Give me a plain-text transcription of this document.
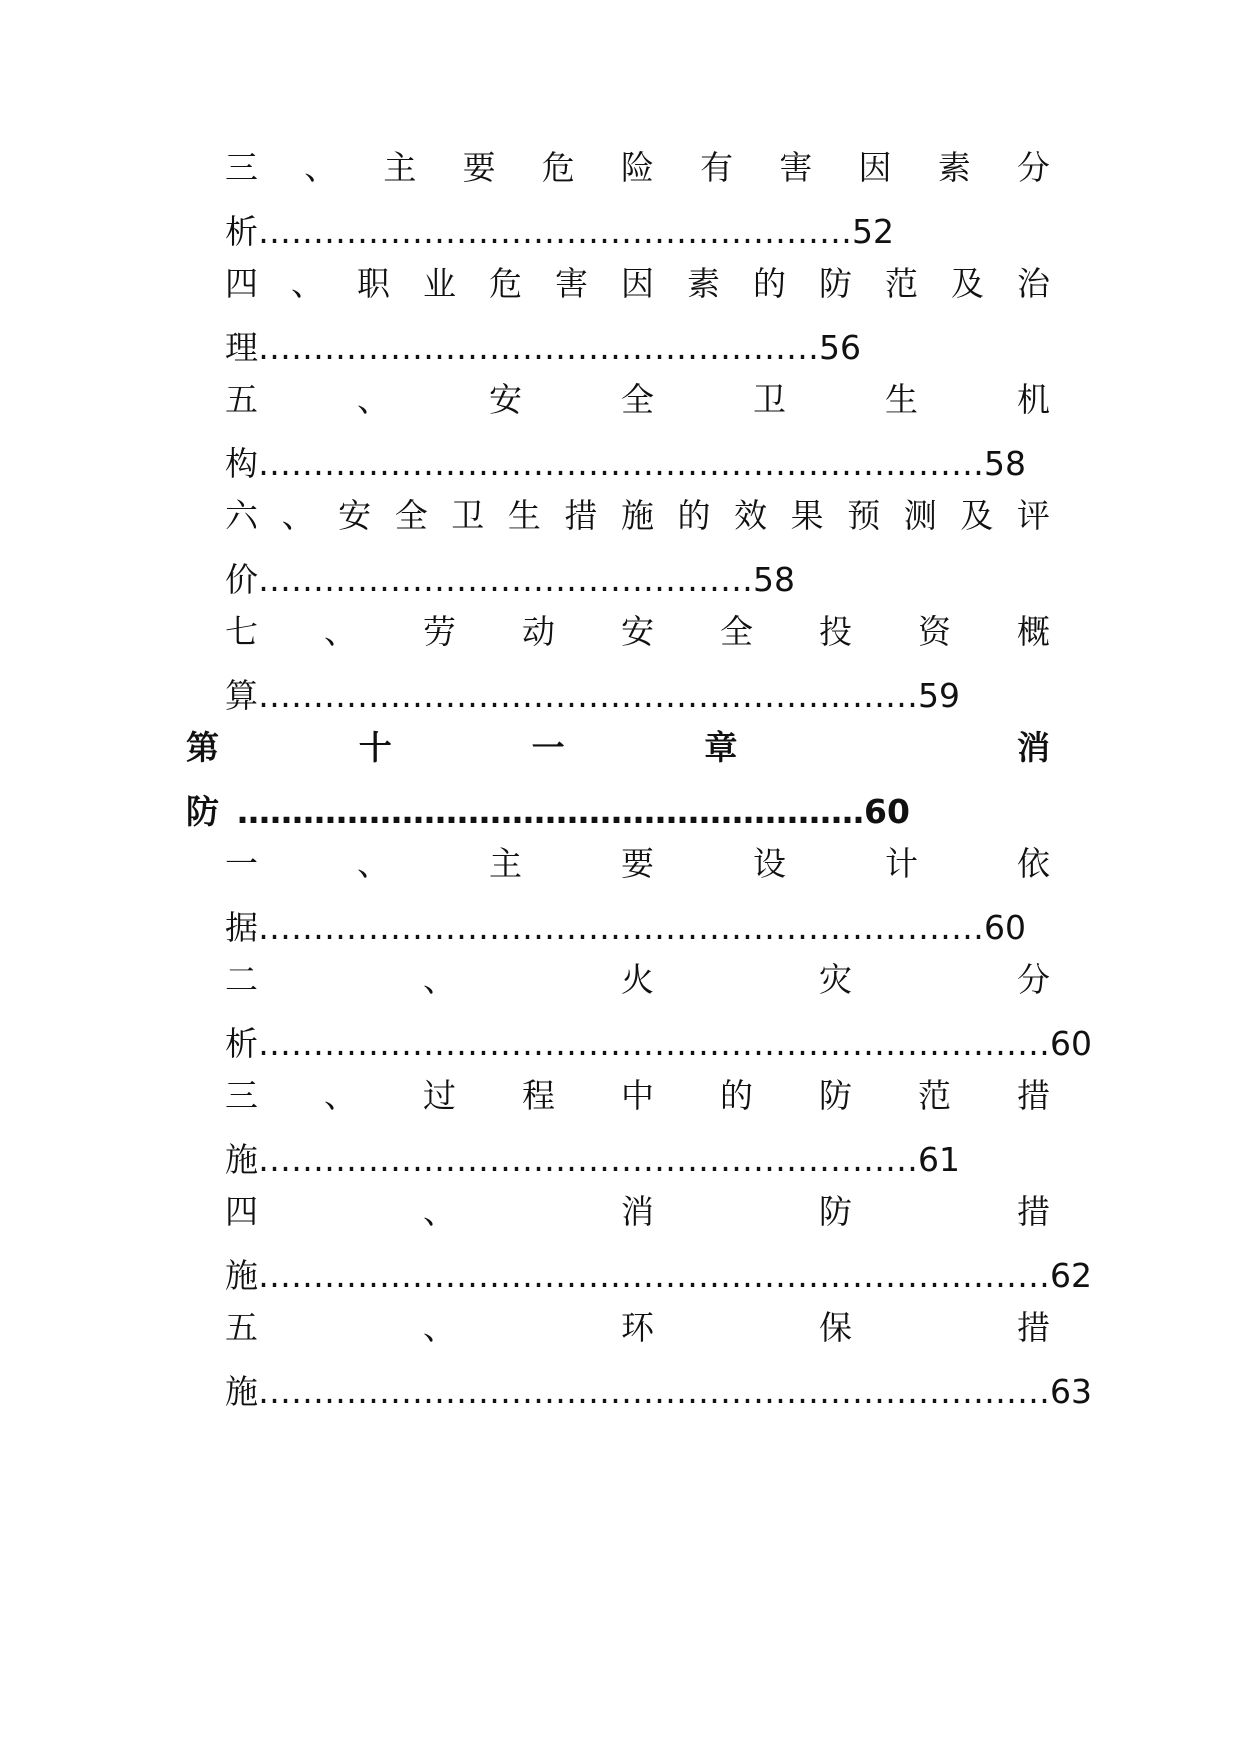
三 、 主 要 危 险 有 害 因 素 分
析………………………………………………52
四 、 职 业 危 害 因 素 的 防 范 及 治
理……………………………………………56
五	、	安	全	卫	生	机
构…………………………………………………………58
六 、 安 全 卫 生 措 施 的 效 果 预 测 及 评
价………………………………………58
七 、 劳 动 安 全 投 资 概
算……………………………………………………59
第	十	一	章	消
防 …………………………………………………60
一	、	主	要	设	计	依
据…………………………………………………………60
二	、	火	灾	分
析………………………………………………………………60
三 、 过 程 中 的 防 范 措
施……………………………………………………61
四	、	消	防	措
施………………………………………………………………62
五	、	环	保	措
施………………………………………………………………63
